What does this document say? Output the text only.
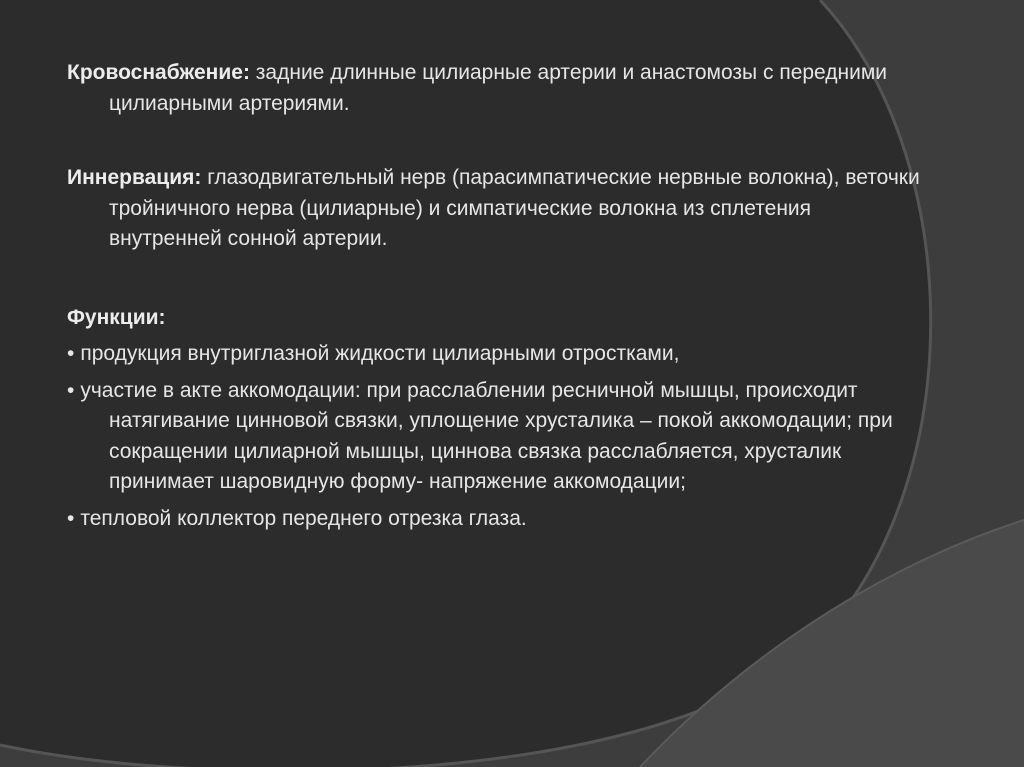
Кровоснабжение: задние длинные цилиарные артерии и анастомозы с передними цилиарными артериями.

Иннервация: глазодвигательный нерв (парасимпатические нервные волокна), веточки тройничного нерва (цилиарные) и симпатические волокна из сплетения внутренней сонной артерии.

Функции:

• продукция внутриглазной жидкости цилиарными отростками,

• участие в акте аккомодации: при расслаблении ресничной мышцы, происходит натягивание цинновой связки, уплощение хрусталика – покой аккомодации; при сокращении цилиарной мышцы, циннова связка расслабляется, хрусталик принимает шаровидную форму- напряжение аккомодации;

• тепловой коллектор переднего отрезка глаза.
